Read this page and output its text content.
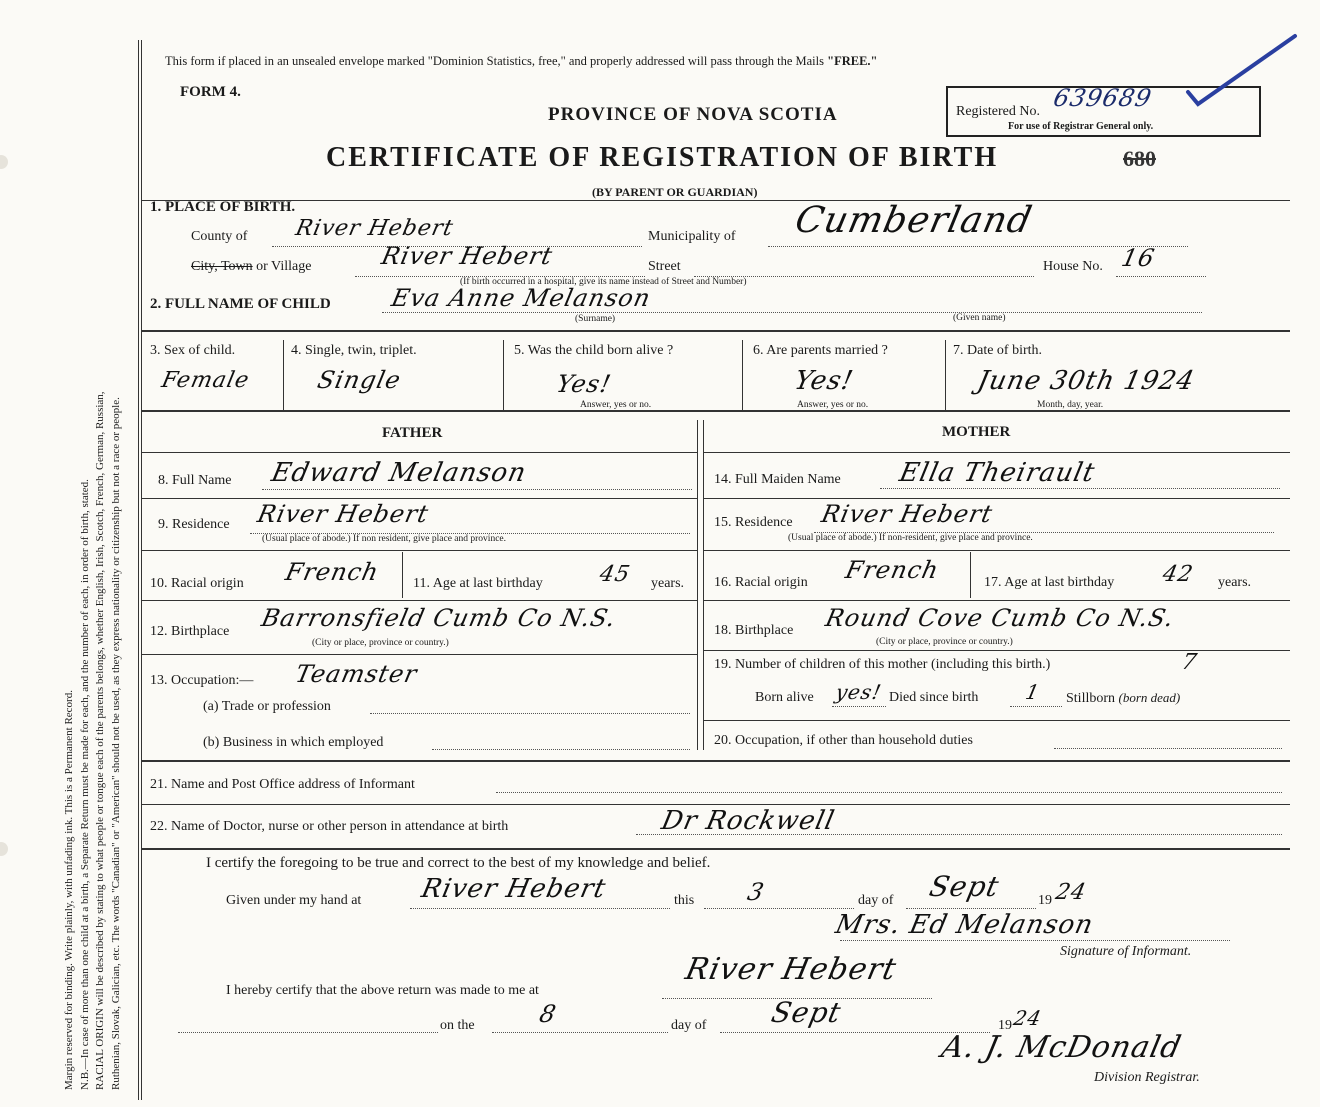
Margin reserved for binding. Write plainly, with unfading ink. This is a Permanent Record. N.B.—In case of more than one child at a birth, a Separate Return must be made for each, and the number of each, in order of birth, stated. RACIAL ORIGIN will be described by stating to what people or tongue each of the parents belongs, whether English, Irish, Scotch, French, German, Russian, Ruthenian, Slovak, Galician, etc. The words "Canadian" or "American" should not be used, as they express nationality or citizenship but not a race or people.
This form if placed in an unsealed envelope marked "Dominion Statistics, free," and properly addressed will pass through the Mails "FREE."
FORM 4.
PROVINCE OF NOVA SCOTIA
CERTIFICATE OF REGISTRATION OF BIRTH	680
(BY PARENT OR GUARDIAN)
Registered No. 639689
For use of Registrar General only.
1. PLACE OF BIRTH.
County of River Hebert	Municipality of Cumberland
City, Town or Village	River Hebert	Street	House No. 16
(If birth occurred in a hospital, give its name instead of Street and Number)
2. FULL NAME OF CHILD Eva Anne Melanson
(Surname)	(Given name)
3. Sex of child.
Female
4. Single, twin, triplet.
Single
5. Was the child born alive ?
Yes!
Answer, yes or no.
6. Are parents married ?
Yes!
Answer, yes or no.
7. Date of birth.
June 30th 1924
Month, day, year.
FATHER	MOTHER
8. Full Name Edward Melanson	14. Full Maiden Name Ella Theirault
9. Residence River Hebert
(Usual place of abode.) If non resident, give place and province.
15. Residence River Hebert
(Usual place of abode.) If non-resident, give place and province.
10. Racial origin French 11. Age at last birthday 45 years. 16. Racial origin French	17. Age at last birthday 42 years.
12. Birthplace Barronsfield Cumb Co N.S.
(City or place, province or country.)
18. Birthplace Round Cove Cumb Co N.S.
(City or place, province or country.)
13. Occupation:— Teamster
(a) Trade or profession
(b) Business in which employed
19. Number of children of this mother (including this birth.)	7
Born alive yes! Died since birth 1 Stillborn (born dead)
20. Occupation, if other than household duties
21. Name and Post Office address of Informant
22. Name of Doctor, nurse or other person in attendance at birth	Dr Rockwell
I certify the foregoing to be true and correct to the best of my knowledge and belief.
Given under my hand at River Hebert	this 3	day of Sept	19 24
Mrs. Ed Melanson
Signature of Informant.
I hereby certify that the above return was made to me at
River Hebert
on the	8	day of Sept	19 24
A. J. McDonald
Division Registrar.
